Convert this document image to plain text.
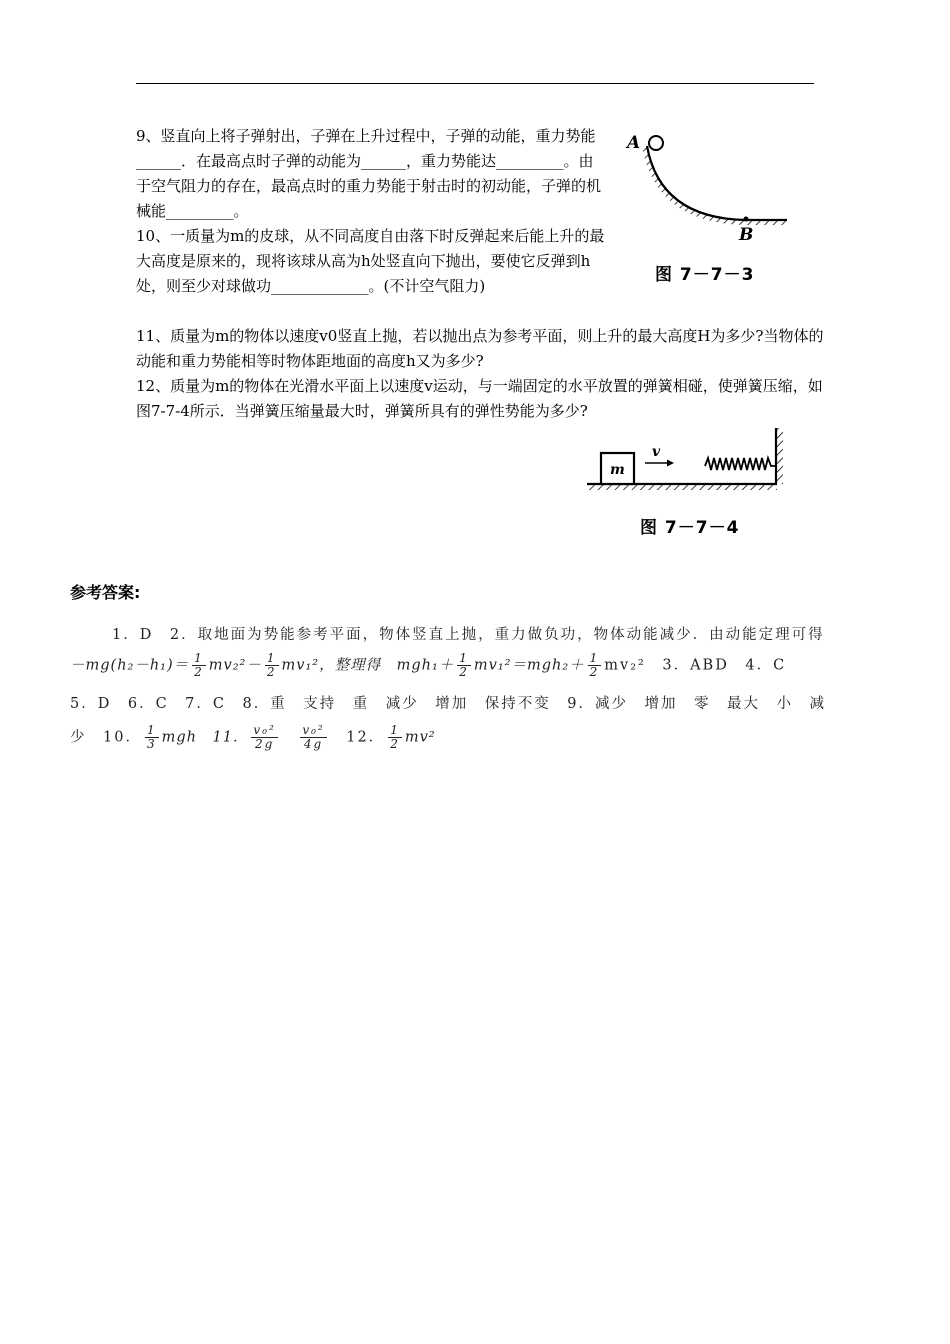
9、竖直向上将子弹射出，子弹在上升过程中，子弹的动能，重力势能______．在最高点时子弹的动能为______，重力势能达_________。由于空气阻力的存在，最高点时的重力势能于射击时的初动能，子弹的机械能_________。

10、一质量为m的皮球，从不同高度自由落下时反弹起来后能上升的最大高度是原来的，现将该球从高为h处竖直向下抛出，要使它反弹到h处，则至少对球做功_____________。(不计空气阻力)

11、质量为m的物体以速度v0竖直上抛，若以抛出点为参考平面，则上升的最大高度H为多少?当物体的动能和重力势能相等时物体距地面的高度h又为多少?

12、质量为m的物体在光滑水平面上以速度v运动，与一端固定的水平放置的弹簧相碰，使弹簧压缩，如图7-7-4所示．当弹簧压缩量最大时，弹簧所具有的弹性势能为多少?

A
B
图 7－7－3
m
v
图 7－7－4
参考答案:
1．D　2．取地面为势能参考平面，物体竖直上抛，重力做负功，物体动能减少．由动能定理可得
$-mg(h_2-h_1)= \frac{1}{2} mv_2^2- \frac{1}{2} mv_1^2$，整理得　$mgh_1+ \frac{1}{2} mv_1^2=mgh_2+ \frac{1}{2} mv_2^2$　3．ABD　4．C
5．D　6．C　7．C　8．重　支持　重　减少　增加　保持不变　9．减少　增加　零　最大　小　减
少　10． $\frac{1}{3}$ mgh　11． $\frac{\text{v₀²}}{2g}$
　 $\frac{\text{v₀²}}{4g}$
　 12． $\frac{1}{2} mv^2$
